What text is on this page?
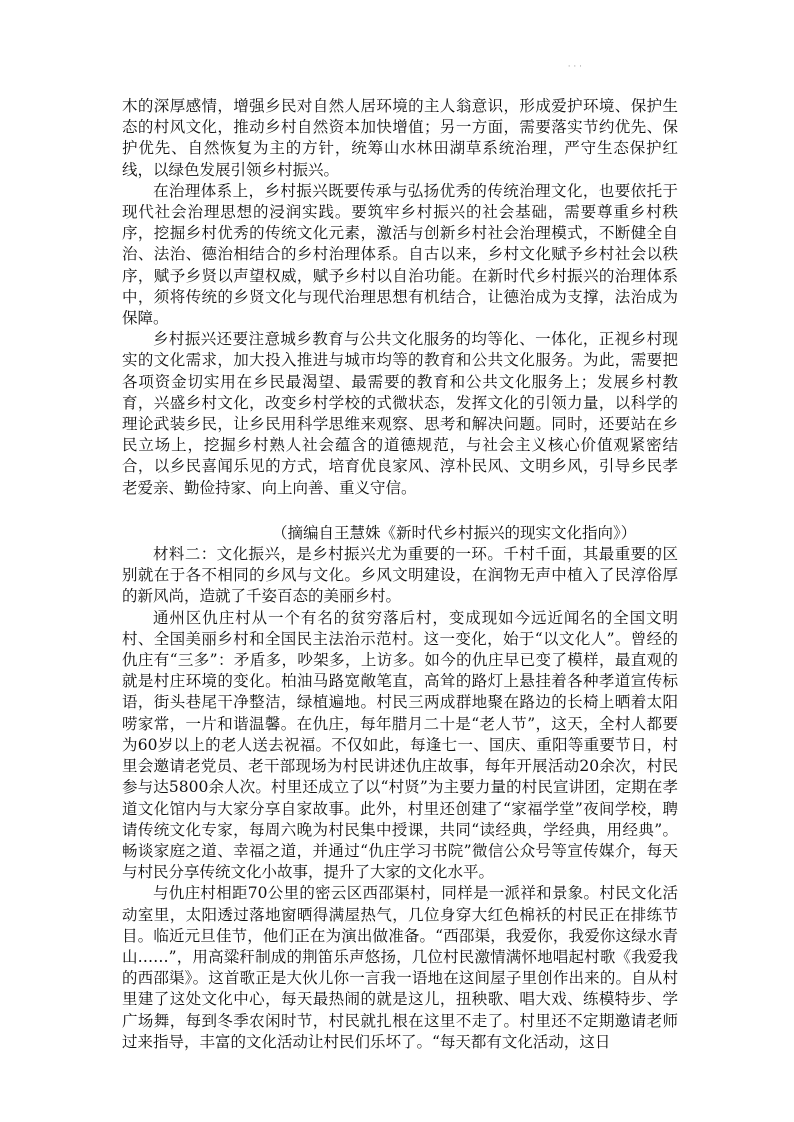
· · ·

木的深厚感情，增强乡民对自然人居环境的主人翁意识，形成爱护环境、保护生态的村风文化，推动乡村自然资本加快增值；另一方面，需要落实节约优先、保护优先、自然恢复为主的方针，统筹山水林田湖草系统治理，严守生态保护红线，以绿色发展引领乡村振兴。

在治理体系上，乡村振兴既要传承与弘扬优秀的传统治理文化，也要依托于现代社会治理思想的浸润实践。要筑牢乡村振兴的社会基础，需要尊重乡村秩序，挖掘乡村优秀的传统文化元素，激活与创新乡村社会治理模式，不断健全自治、法治、德治相结合的乡村治理体系。自古以来，乡村文化赋予乡村社会以秩序，赋予乡贤以声望权威，赋予乡村以自治功能。在新时代乡村振兴的治理体系中，须将传统的乡贤文化与现代治理思想有机结合，让德治成为支撑，法治成为保障。

乡村振兴还要注意城乡教育与公共文化服务的均等化、一体化，正视乡村现实的文化需求，加大投入推进与城市均等的教育和公共文化服务。为此，需要把各项资金切实用在乡民最渴望、最需要的教育和公共文化服务上；发展乡村教育，兴盛乡村文化，改变乡村学校的式微状态，发挥文化的引领力量，以科学的理论武装乡民，让乡民用科学思维来观察、思考和解决问题。同时，还要站在乡民立场上，挖掘乡村熟人社会蕴含的道德规范，与社会主义核心价值观紧密结合，以乡民喜闻乐见的方式，培育优良家风、淳朴民风、文明乡风，引导乡民孝老爱亲、勤俭持家、向上向善、重义守信。

（摘编自王慧姝《新时代乡村振兴的现实文化指向》）

材料二：文化振兴，是乡村振兴尤为重要的一环。千村千面，其最重要的区别就在于各不相同的乡风与文化。乡风文明建设，在润物无声中植入了民淳俗厚的新风尚，造就了千姿百态的美丽乡村。

通州区仇庄村从一个有名的贫穷落后村，变成现如今远近闻名的全国文明村、全国美丽乡村和全国民主法治示范村。这一变化，始于“以文化人”。曾经的仇庄有“三多”：矛盾多，吵架多，上访多。如今的仇庄早已变了模样，最直观的就是村庄环境的变化。柏油马路宽敞笔直，高耸的路灯上悬挂着各种孝道宣传标语，街头巷尾干净整洁，绿植遍地。村民三两成群地聚在路边的长椅上晒着太阳唠家常，一片和谐温馨。在仇庄，每年腊月二十是“老人节”，这天，全村人都要为60岁以上的老人送去祝福。不仅如此，每逢七一、国庆、重阳等重要节日，村里会邀请老党员、老干部现场为村民讲述仇庄故事，每年开展活动20余次，村民参与达5800余人次。村里还成立了以“村贤”为主要力量的村民宣讲团，定期在孝道文化馆内与大家分享自家故事。此外，村里还创建了“家福学堂”夜间学校，聘请传统文化专家，每周六晚为村民集中授课，共同“读经典，学经典，用经典”。畅谈家庭之道、幸福之道，并通过“仇庄学习书院”微信公众号等宣传媒介，每天与村民分享传统文化小故事，提升了大家的文化水平。

与仇庄村相距70公里的密云区西邵渠村，同样是一派祥和景象。村民文化活动室里，太阳透过落地窗晒得满屋热气，几位身穿大红色棉袄的村民正在排练节目。临近元旦佳节，他们正在为演出做准备。“西邵渠，我爱你，我爱你这绿水青山……”，用高粱秆制成的荆笛乐声悠扬，几位村民激情满怀地唱起村歌《我爱我的西邵渠》。这首歌正是大伙儿你一言我一语地在这间屋子里创作出来的。自从村里建了这处文化中心，每天最热闹的就是这儿，扭秧歌、唱大戏、练模特步、学广场舞，每到冬季农闲时节，村民就扎根在这里不走了。村里还不定期邀请老师过来指导，丰富的文化活动让村民们乐坏了。“每天都有文化活动，这日
